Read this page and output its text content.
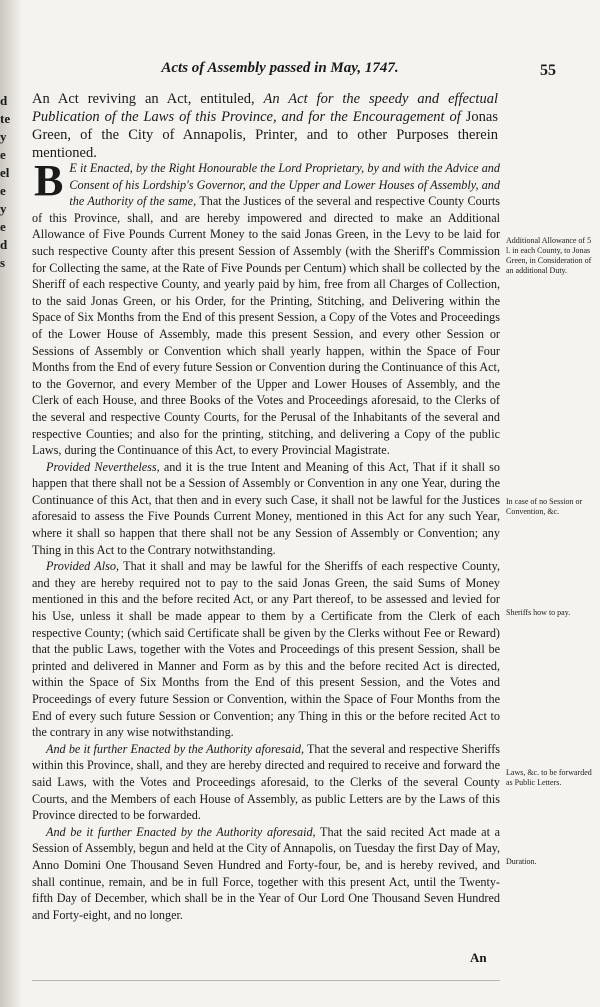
d
te
y
e
el
e
y
e
d
s
Acts of Assembly passed in May, 1747.	55
An Act reviving an Act, entituled, An Act for the speedy and effectual Publication of the Laws of this Province, and for the Encouragement of Jonas Green, of the City of Annapolis, Printer, and to other Purposes therein mentioned.

B E it Enacted, by the Right Honourable the Lord Proprietary, by and with the Advice and Consent of his Lordship's Governor, and the Upper and Lower Houses of Assembly, and the Authority of the same, That the Justices of the several and respective County Courts of this Province, shall, and are hereby impowered and directed to make an Additional Allowance of Five Pounds Current Money to the said Jonas Green, in the Levy to be laid for such respective County after this present Session of Assembly (with the Sheriff's Commission for Collecting the same, at the Rate of Five Pounds per Centum) which shall be collected by the Sheriff of each respective County, and yearly paid by him, free from all Charges of Collection, to the said Jonas Green, or his Order, for the Printing, Stitching, and Delivering within the Space of Six Months from the End of this present Session, a Copy of the Votes and Proceedings of the Lower House of Assembly, made this present Session, and every other Session or Sessions of Assembly or Convention which shall yearly happen, within the Space of Four Months from the End of every future Session or Convention during the Continuance of this Act, to the Governor, and every Member of the Upper and Lower Houses of Assembly, and the Clerk of each House, and three Books of the Votes and Proceedings aforesaid, to the Clerks of the several and respective County Courts, for the Perusal of the Inhabitants of the several and respective Counties; and also for the printing, stitching, and delivering a Copy of the public Laws, during the Continuance of this Act, to every Provincial Magistrate.

Provided Nevertheless, and it is the true Intent and Meaning of this Act, That if it shall so happen that there shall not be a Session of Assembly or Convention in any one Year, during the Continuance of this Act, that then and in every such Case, it shall not be lawful for the Justices aforesaid to assess the Five Pounds Current Money, mentioned in this Act for any such Year, where it shall so happen that there shall not be any Session of Assembly or Convention; any Thing in this Act to the Contrary notwithstanding.

Provided Also, That it shall and may be lawful for the Sheriffs of each respective County, and they are hereby required not to pay to the said Jonas Green, the said Sums of Money mentioned in this and the before recited Act, or any Part thereof, to be assessed and levied for his Use, unless it shall be made appear to them by a Certificate from the Clerk of each respective County; (which said Certificate shall be given by the Clerks without Fee or Reward) that the public Laws, together with the Votes and Proceedings of this present Session, shall be printed and delivered in Manner and Form as by this and the before recited Act is directed, within the Space of Six Months from the End of this present Session, and the Votes and Proceedings of every future Session or Convention, within the Space of Four Months from the End of every such future Session or Convention; any Thing in this or the before recited Act to the contrary in any wise notwithstanding.

And be it further Enacted by the Authority aforesaid, That the several and respective Sheriffs within this Province, shall, and they are hereby directed and required to receive and forward the said Laws, with the Votes and Proceedings aforesaid, to the Clerks of the several County Courts, and the Members of each House of Assembly, as public Letters are by the Laws of this Province directed to be forwarded.

And be it further Enacted by the Authority aforesaid, That the said recited Act made at a Session of Assembly, begun and held at the City of Annapolis, on Tuesday the first Day of May, Anno Domini One Thousand Seven Hundred and Forty-four, be, and is hereby revived, and shall continue, remain, and be in full Force, together with this present Act, until the Twenty-fifth Day of December, which shall be in the Year of Our Lord One Thousand Seven Hundred and Forty-eight, and no longer.

Additional Allowance of 5 l. in each County, to Jonas Green, in Consideration of an additional Duty.
In case of no Session or Convention, &c.
Sheriffs how to pay.
Laws, &c. to be forwarded as Public Letters.
Duration.
An
